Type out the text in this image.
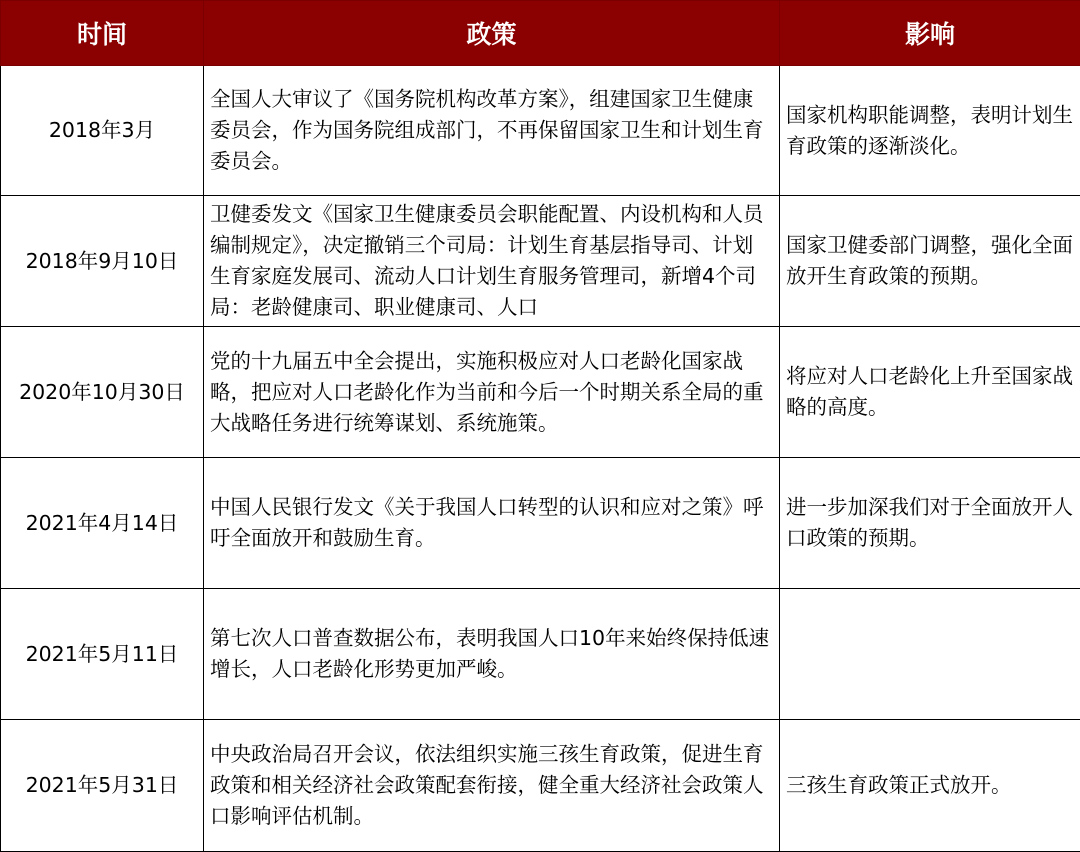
时间	政策	影响
2018年3月	全国人大审议了《国务院机构改革方案》，组建国家卫生健康委员会，作为国务院组成部门，不再保留国家卫生和计划生育委员会。	国家机构职能调整，表明计划生育政策的逐渐淡化。
2018年9月10日	卫健委发文《国家卫生健康委员会职能配置、内设机构和人员编制规定》，决定撤销三个司局：计划生育基层指导司、计划生育家庭发展司、流动人口计划生育服务管理司，新增4个司局：老龄健康司、职业健康司、人口	国家卫健委部门调整，强化全面放开生育政策的预期。
2020年10月30日	党的十九届五中全会提出，实施积极应对人口老龄化国家战略，把应对人口老龄化作为当前和今后一个时期关系全局的重大战略任务进行统筹谋划、系统施策。	将应对人口老龄化上升至国家战略的高度。
2021年4月14日	中国人民银行发文《关于我国人口转型的认识和应对之策》呼吁全面放开和鼓励生育。	进一步加深我们对于全面放开人口政策的预期。
2021年5月11日	第七次人口普查数据公布，表明我国人口10年来始终保持低速增长，人口老龄化形势更加严峻。	

2021年5月31日	中央政治局召开会议，依法组织实施三孩生育政策，促进生育政策和相关经济社会政策配套衔接，健全重大经济社会政策人口影响评估机制。	三孩生育政策正式放开。
